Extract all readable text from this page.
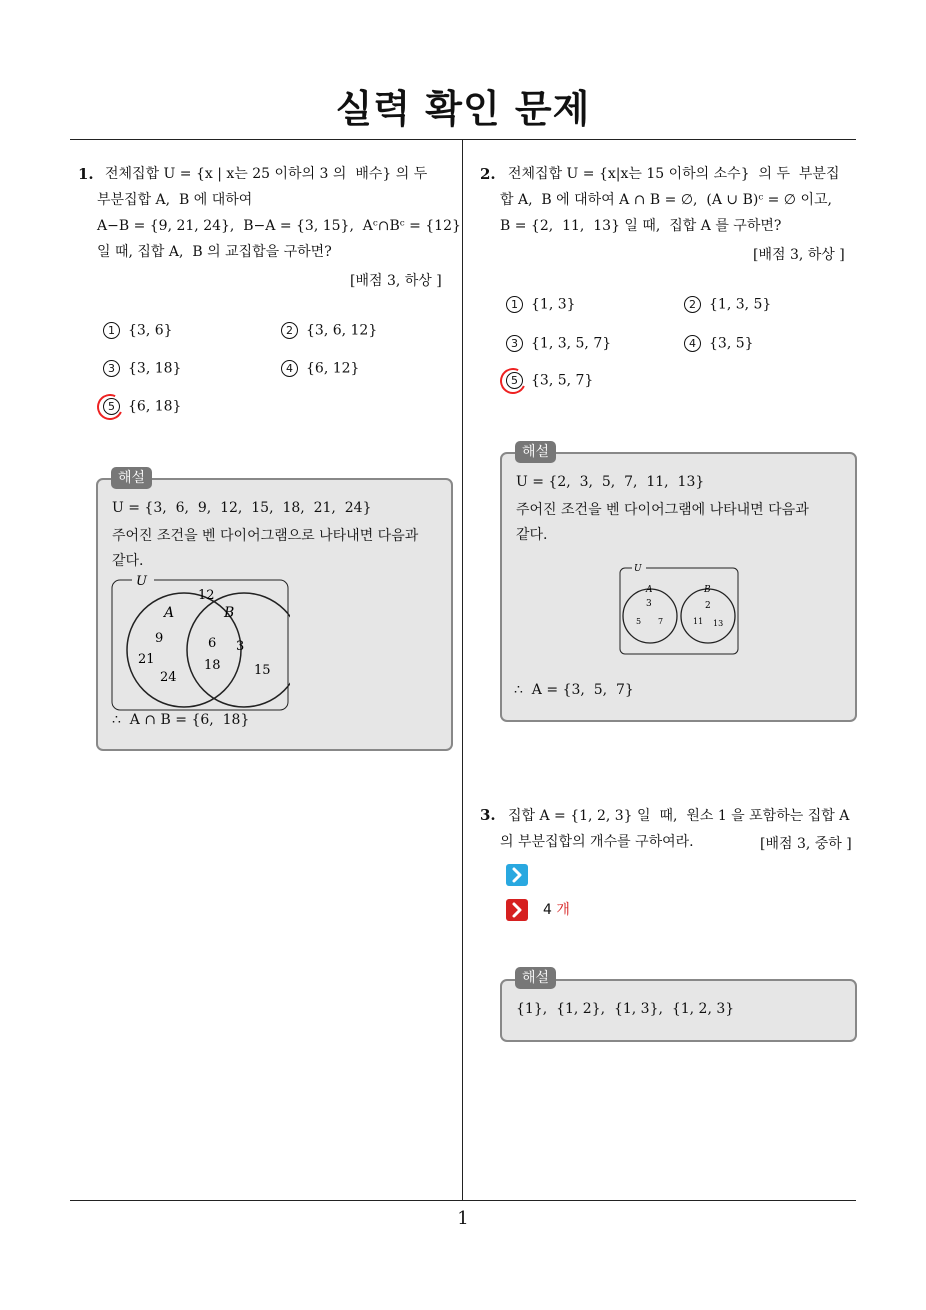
실력 확인 문제
1
1. 전체집합 U = {x | x는 25 이하의 3 의  배수} 의 두
부분집합 A,  B 에 대하여
A−B = {9, 21, 24},  B−A = {3, 15},  Aᶜ∩Bᶜ = {12}
일 때, 집합 A,  B 의 교집합을 구하면?
[배점 3, 하상 ]
1 {3, 6}	2 {3, 6, 12}
3 {3, 18}	4 {6, 12}
5 {6, 18}
U = {3,  6,  9,  12,  15,  18,  21,  24}
주어진 조건을 벤 다이어그램으로 나타내면 다음과
같다.
U
A	B
12
9
21
24
6
18
3
15
∴  A ∩ B = {6,  18}
해설
2. 전체집합 U = {x|x는 15 이하의 소수}  의 두  부분집
합 A,  B 에 대하여 A ∩ B = ∅,  (A ∪ B)ᶜ = ∅ 이고,
B = {2,  11,  13} 일 때,  집합 A 를 구하면?
[배점 3, 하상 ]
1 {1, 3}	2 {1, 3, 5}
3 {1, 3, 5, 7}	4 {3, 5}
5 {3, 5, 7}
U = {2,  3,  5,  7,  11,  13}
주어진 조건을 벤 다이어그램에 나타내면 다음과
같다.
U
A	B
3
5 7
2
11 13
∴  A = {3,  5,  7}
해설
3. 집합 A = {1, 2, 3} 일  때,  원소 1 을 포함하는 집합 A
의 부분집합의 개수를 구하여라.	[배점 3, 중하 ]
4 개
{1},  {1, 2},  {1, 3},  {1, 2, 3}
해설
